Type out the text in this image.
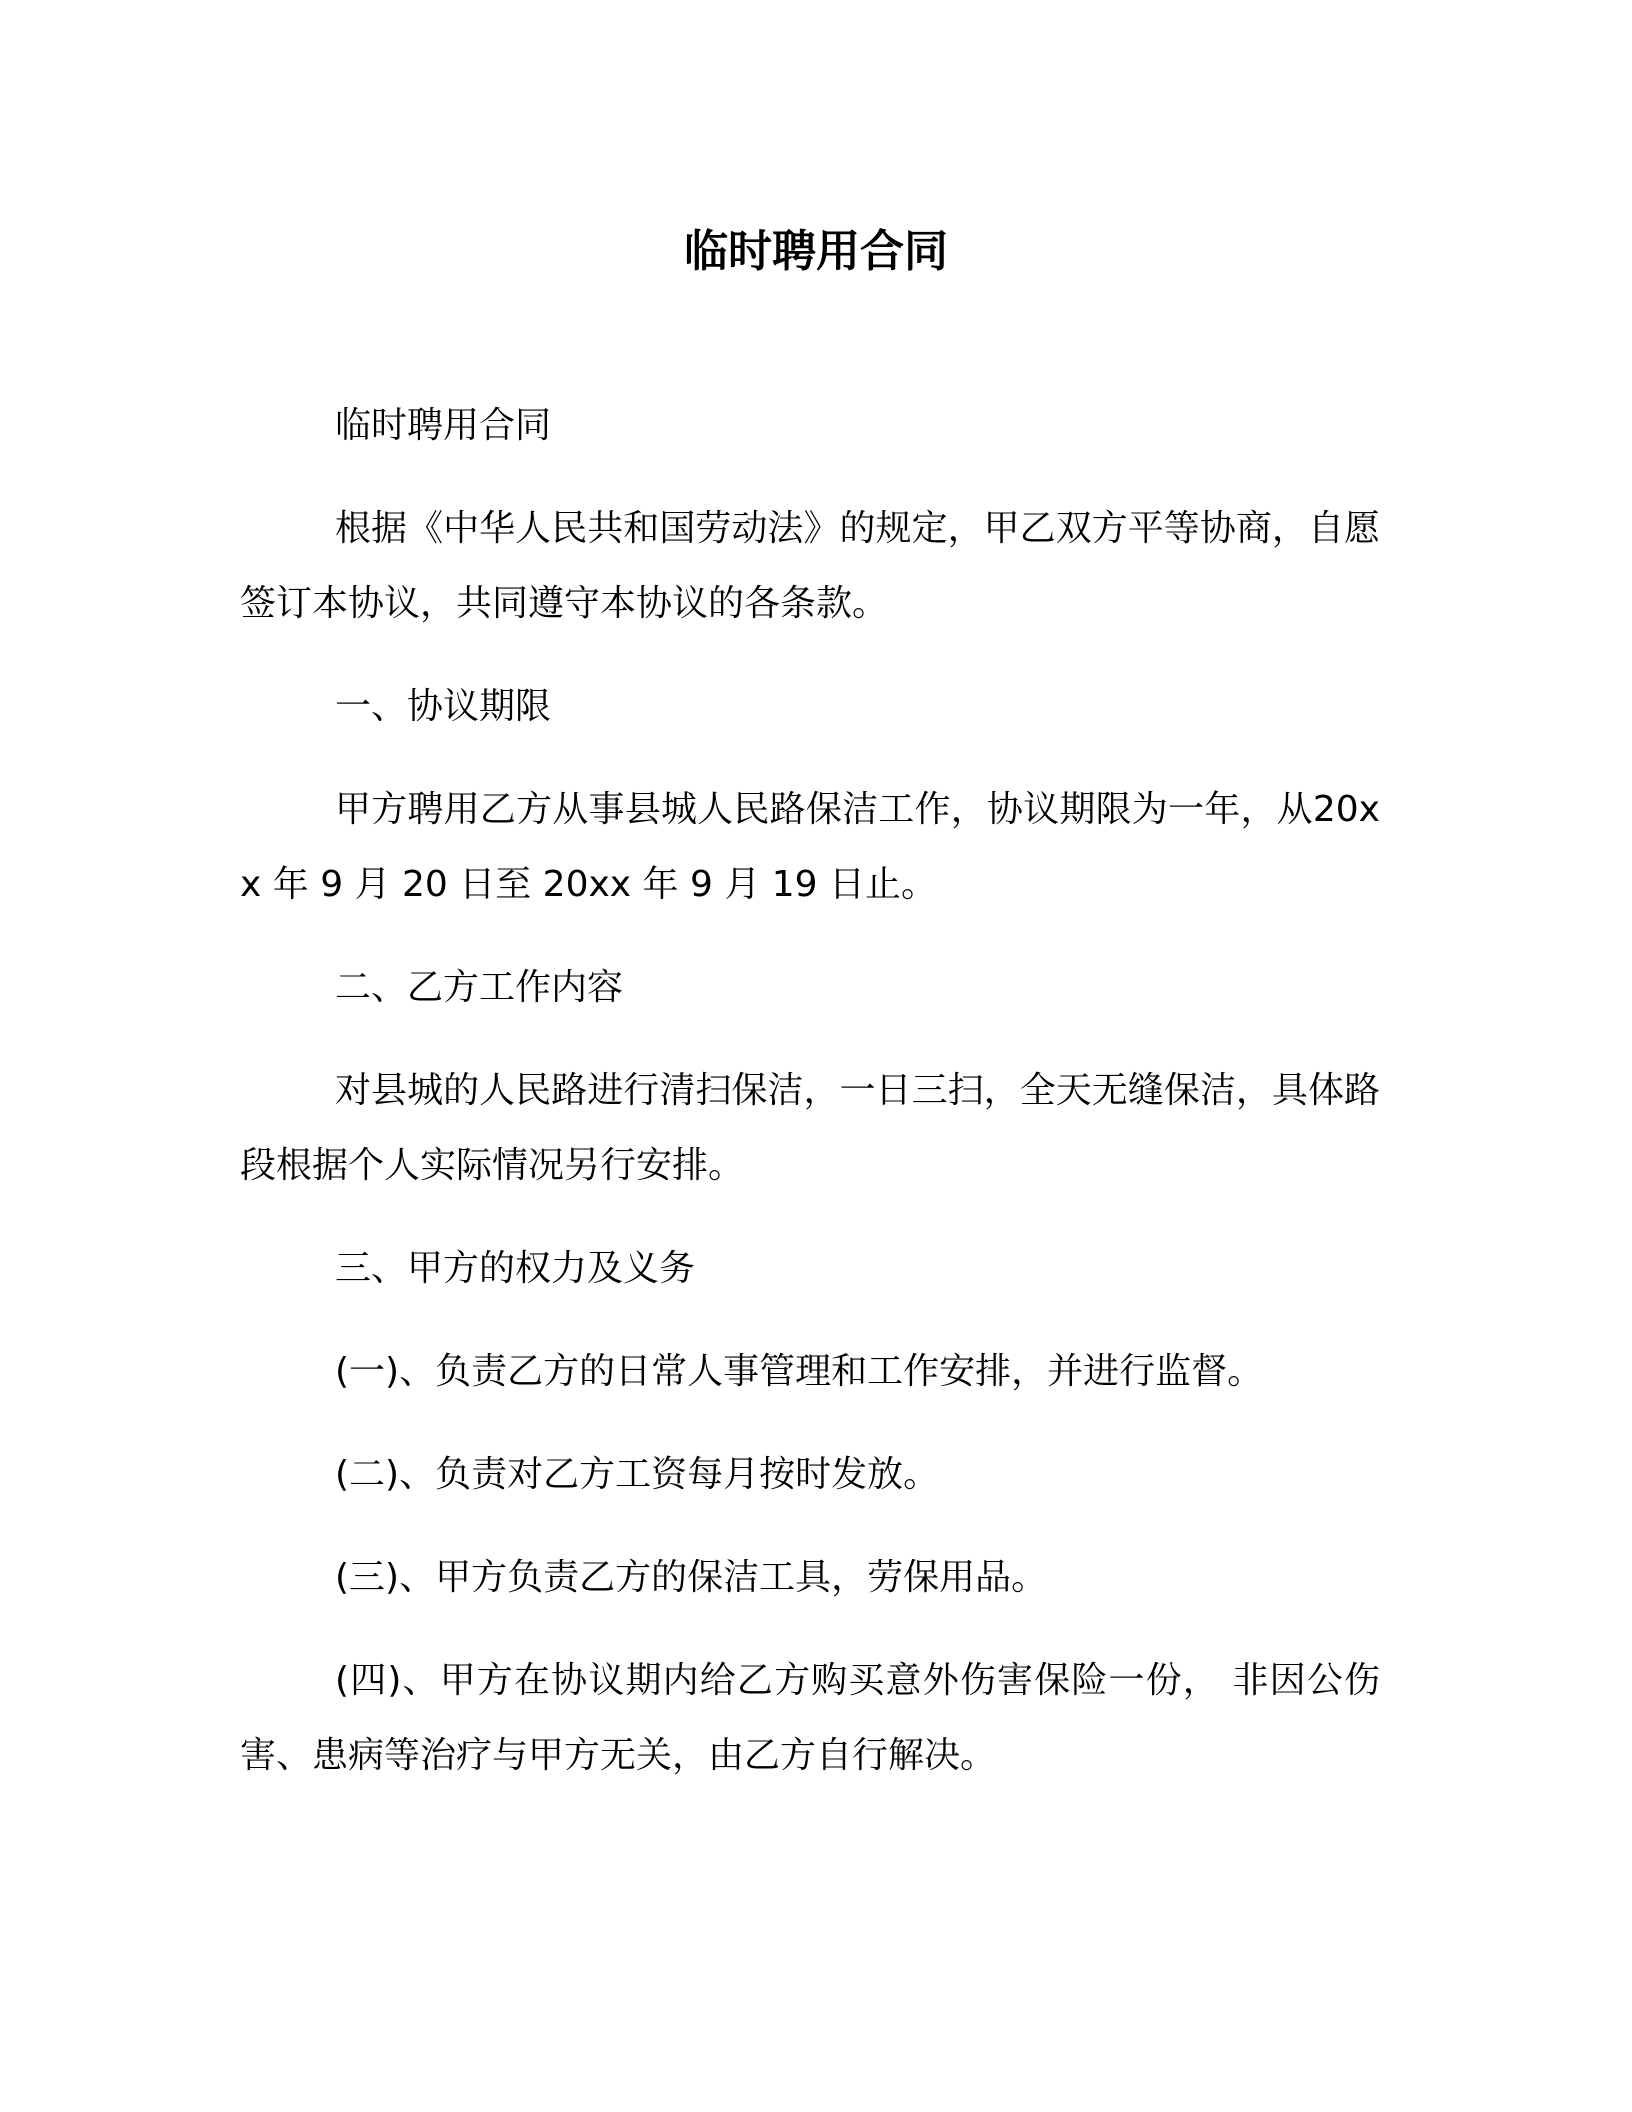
临时聘用合同

临时聘用合同

根据《中华人民共和国劳动法》的规定，甲乙双方平等协商，自愿签订本协议，共同遵守本协议的各条款。

一、协议期限

甲方聘用乙方从事县城人民路保洁工作，协议期限为一年，从20xx 年 9 月 20 日至 20xx 年 9 月 19 日止。

二、乙方工作内容

对县城的人民路进行清扫保洁，一日三扫，全天无缝保洁，具体路段根据个人实际情况另行安排。

三、甲方的权力及义务

(一)、负责乙方的日常人事管理和工作安排，并进行监督。

(二)、负责对乙方工资每月按时发放。

(三)、甲方负责乙方的保洁工具，劳保用品。

(四)、甲方在协议期内给乙方购买意外伤害保险一份， 非因公伤害、患病等治疗与甲方无关，由乙方自行解决。
